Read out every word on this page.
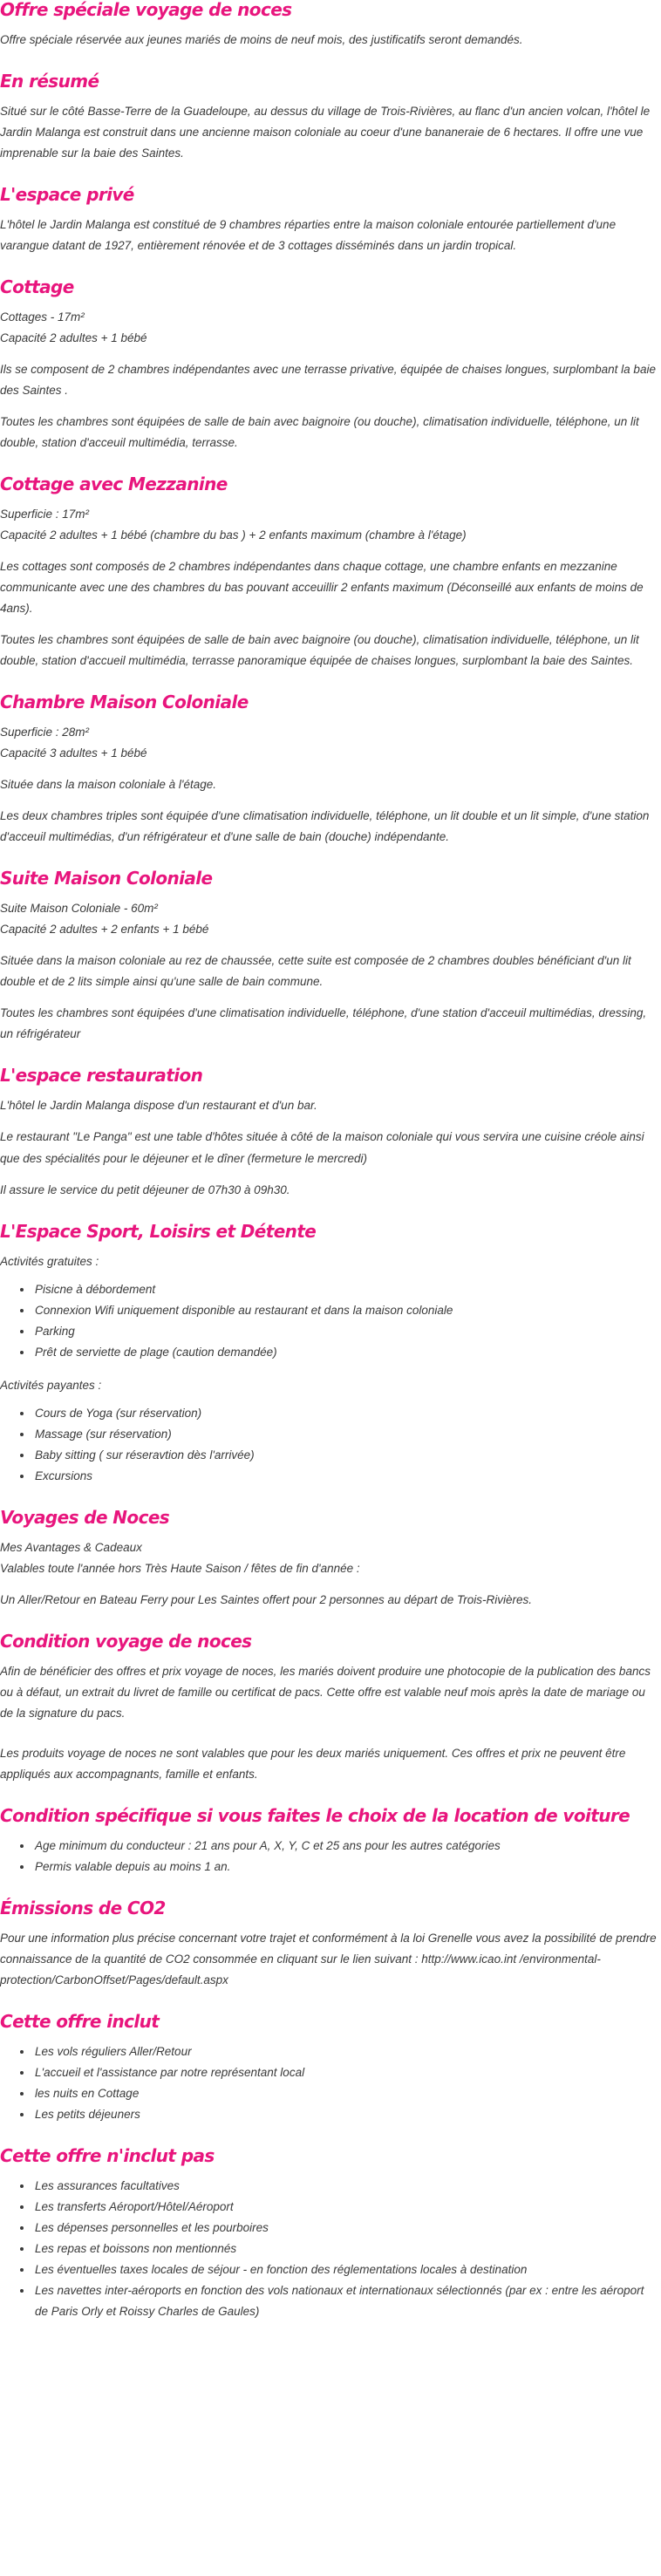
Offre spéciale voyage de noces

Offre spéciale réservée aux jeunes mariés de moins de neuf mois, des justificatifs seront demandés.

En résumé

Situé sur le côté Basse-Terre de la Guadeloupe, au dessus du village de Trois-Rivières, au flanc d'un ancien volcan, l'hôtel le Jardin Malanga est construit dans une ancienne maison coloniale au coeur d'une bananeraie de 6 hectares. Il offre une vue imprenable sur la baie des Saintes.

L'espace privé

L'hôtel le Jardin Malanga est constitué de 9 chambres réparties entre la maison coloniale entourée partiellement d'une varangue datant de 1927, entièrement rénovée et de 3 cottages disséminés dans un jardin tropical.

Cottage

Cottages - 17m²

Capacité 2 adultes + 1 bébé

Ils se composent de 2 chambres indépendantes avec une terrasse privative, équipée de chaises longues, surplombant la baie des Saintes .

Toutes les chambres sont équipées de salle de bain avec baignoire (ou douche), climatisation individuelle, téléphone, un lit double, station d'acceuil multimédia, terrasse.

Cottage avec Mezzanine

Superficie : 17m²

Capacité 2 adultes + 1 bébé (chambre du bas ) + 2 enfants maximum (chambre à l'étage)

Les cottages sont composés de 2 chambres indépendantes dans chaque cottage, une chambre enfants en mezzanine communicante avec une des chambres du bas pouvant acceuillir 2 enfants maximum (Déconseillé aux enfants de moins de 4ans).

Toutes les chambres sont équipées de salle de bain avec baignoire (ou douche), climatisation individuelle, téléphone, un lit double, station d'accueil multimédia, terrasse panoramique équipée de chaises longues, surplombant la baie des Saintes.

Chambre Maison Coloniale

Superficie : 28m²

Capacité 3 adultes + 1 bébé

Située dans la maison coloniale à l'étage.

Les deux chambres triples sont équipée d'une climatisation individuelle, téléphone, un lit double et un lit simple, d'une station d'acceuil multimédias, d'un réfrigérateur et d'une salle de bain (douche) indépendante.

Suite Maison Coloniale

Suite Maison Coloniale - 60m²

Capacité 2 adultes + 2 enfants + 1 bébé

Située dans la maison coloniale au rez de chaussée, cette suite est composée de 2 chambres doubles bénéficiant d'un lit double et de 2 lits simple ainsi qu'une salle de bain commune.

Toutes les chambres sont équipées d'une climatisation individuelle, téléphone, d'une station d'acceuil multimédias, dressing, un réfrigérateur

L'espace restauration

L'hôtel le Jardin Malanga dispose d'un restaurant et d'un bar.

Le restaurant "Le Panga" est une table d'hôtes située à côté de la maison coloniale qui vous servira une cuisine créole ainsi que des spécialités pour le déjeuner et le dîner (fermeture le mercredi)

Il assure le service du petit déjeuner de 07h30 à 09h30.

L'Espace Sport, Loisirs et Détente

Activités gratuites :

• Pisicne à débordement
• Connexion Wifi uniquement disponible au restaurant et dans la maison coloniale
• Parking
• Prêt de serviette de plage (caution demandée)

Activités payantes :

• Cours de Yoga (sur réservation)
• Massage (sur réservation)
• Baby sitting ( sur réseravtion dès l'arrivée)
• Excursions
Voyages de Noces

Mes Avantages & Cadeaux

Valables toute l'année hors Très Haute Saison / fêtes de fin d'année :

Un Aller/Retour en Bateau Ferry pour Les Saintes offert pour 2 personnes au départ de Trois-Rivières.

Condition voyage de noces

Afin de bénéficier des offres et prix voyage de noces, les mariés doivent produire une photocopie de la publication des bancs ou à défaut, un extrait du livret de famille ou certificat de pacs. Cette offre est valable neuf mois après la date de mariage ou de la signature du pacs.

Les produits voyage de noces ne sont valables que pour les deux mariés uniquement. Ces offres et prix ne peuvent être appliqués aux accompagnants, famille et enfants.

Condition spécifique si vous faites le choix de la location de voiture
• Age minimum du conducteur : 21 ans pour A, X, Y, C et 25 ans pour les autres catégories
• Permis valable depuis au moins 1 an.
Émissions de CO2

Pour une information plus précise concernant votre trajet et conformément à la loi Grenelle vous avez la possibilité de prendre connaissance de la quantité de CO2 consommée en cliquant sur le lien suivant : http://www.icao.int /environmental-protection/CarbonOffset/Pages/default.aspx

Cette offre inclut
• Les vols réguliers Aller/Retour
• L'accueil et l'assistance par notre représentant local
• les nuits en Cottage
• Les petits déjeuners
Cette offre n'inclut pas
• Les assurances facultatives
• Les transferts Aéroport/Hôtel/Aéroport
• Les dépenses personnelles et les pourboires
• Les repas et boissons non mentionnés
• Les éventuelles taxes locales de séjour - en fonction des réglementations locales à destination
• Les navettes inter-aéroports en fonction des vols nationaux et internationaux sélectionnés (par ex : entre les aéroport de Paris Orly et Roissy Charles de Gaules)
